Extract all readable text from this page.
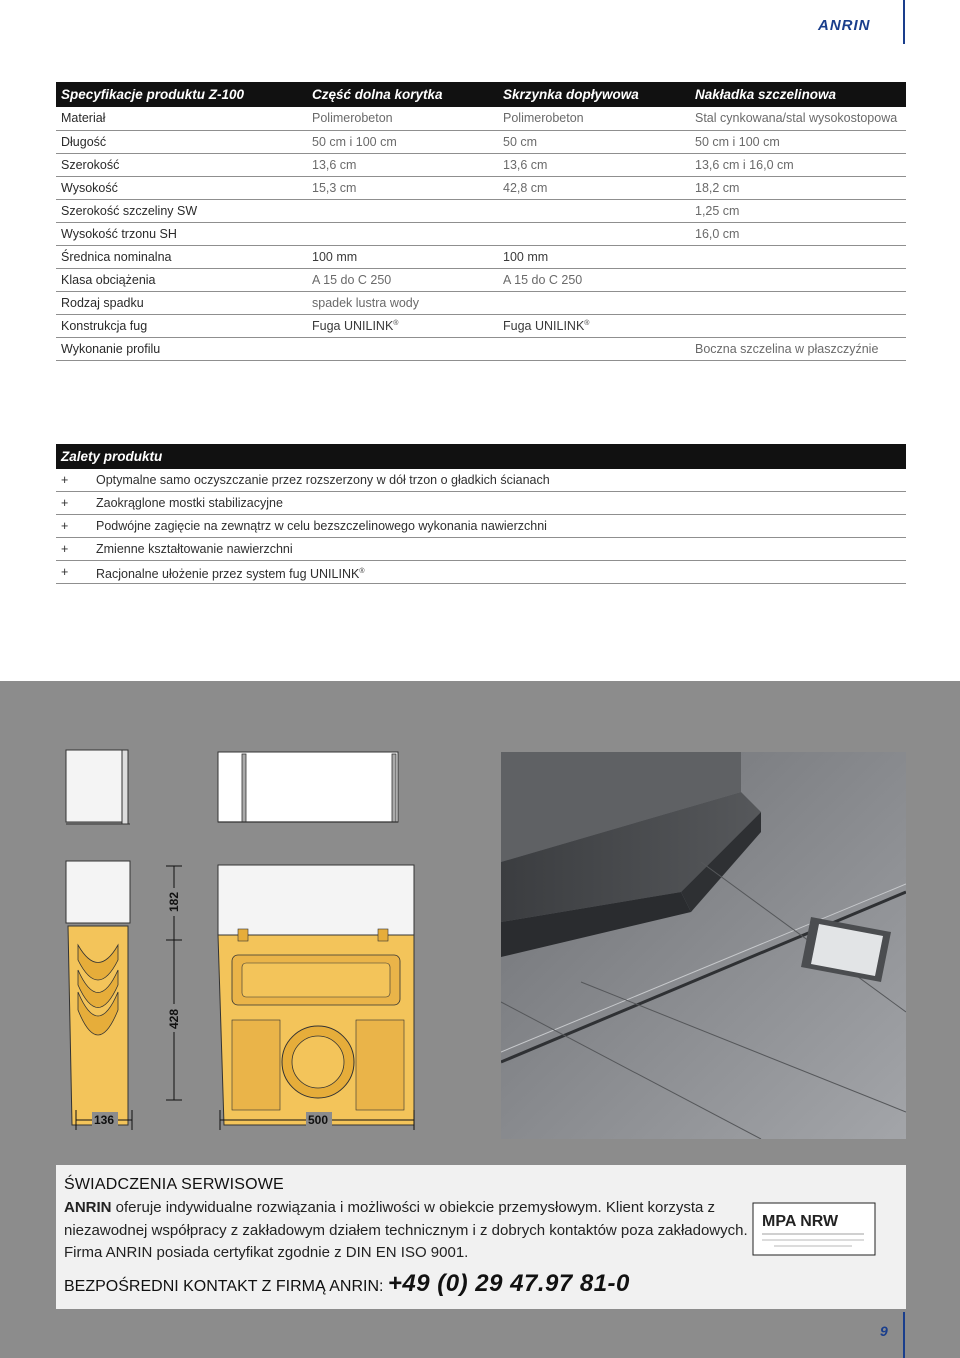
ANRIN
Specyfikacje produktu Z-100	Część dolna korytka	Skrzynka dopływowa	Nakładka szczelinowa
Materiał	Polimerobeton	Polimerobeton	Stal cynkowana/stal wysokostopowa
Długość	50 cm i 100 cm	50 cm	50 cm i 100 cm
Szerokość	13,6 cm	13,6 cm	13,6 cm i 16,0 cm
Wysokość	15,3 cm	42,8 cm	18,2 cm
Szerokość szczeliny SW			1,25 cm
Wysokość trzonu SH			16,0 cm
Średnica nominalna	100 mm	100 mm	
Klasa obciążenia	A 15 do C 250	A 15 do C 250	
Rodzaj spadku	spadek lustra wody		
Konstrukcja fug	Fuga UNILINK®	Fuga UNILINK®	
Wykonanie profilu			Boczna szczelina w płaszczyźnie
Zalety produktu
+	Optymalne samo oczyszczanie przez rozszerzony w dół trzon o gładkich ścianach
+	Zaokrąglone mostki stabilizacyjne
+	Podwójne zagięcie na zewnątrz w celu bezszczelinowego wykonania nawierzchni
+	Zmienne kształtowanie nawierzchni
+	Racjonalne ułożenie przez system fug UNILINK®
182
428
136	500
ŚWIADCZENIA SERWISOWE

ANRIN oferuje indywidualne rozwiązania i możliwości w obiekcie przemysłowym. Klient korzysta z niezawodnej współpracy z zakładowym działem technicznym i z dobrych kontaktów poza zakładowych. Firma ANRIN posiada certyfikat zgodnie z DIN EN ISO 9001.

MPA NRW
BEZPOŚREDNI KONTAKT Z FIRMĄ ANRIN: +49 (0) 29 47.97 81-0
9
